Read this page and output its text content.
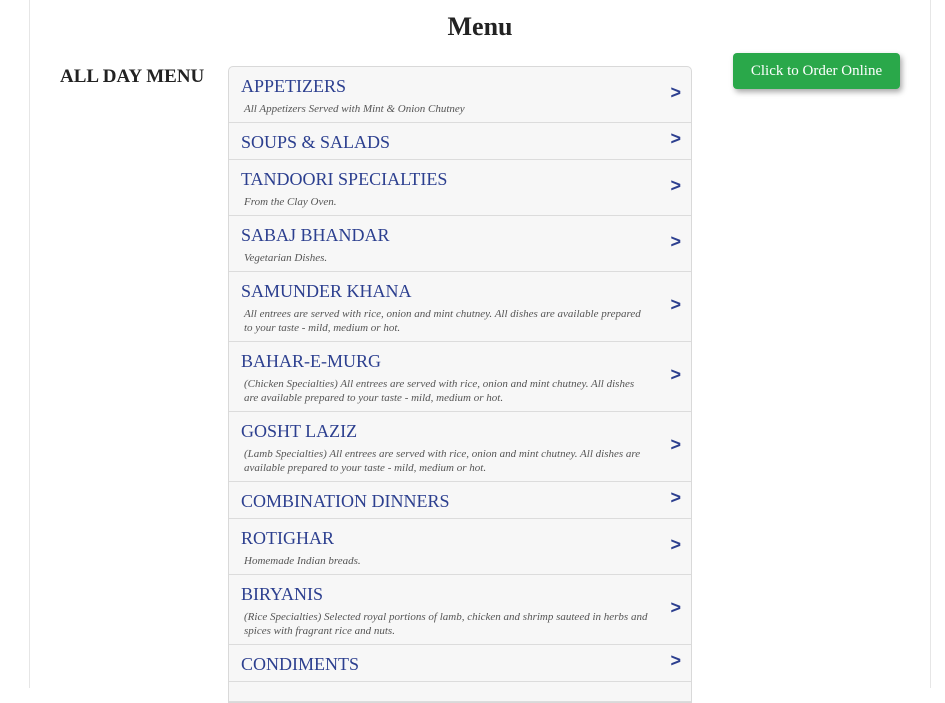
Menu
ALL DAY MENU	Click to Order Online
APPETIZERS
All Appetizers Served with Mint & Onion Chutney
>
SOUPS & SALADS	>
TANDOORI SPECIALTIES
From the Clay Oven.
>
SABAJ BHANDAR
Vegetarian Dishes.
>
SAMUNDER KHANA
All entrees are served with rice, onion and mint chutney. All dishes are available prepared to your taste - mild, medium or hot.
>
BAHAR-E-MURG
(Chicken Specialties) All entrees are served with rice, onion and mint chutney. All dishes are available prepared to your taste - mild, medium or hot.
>
GOSHT LAZIZ
(Lamb Specialties) All entrees are served with rice, onion and mint chutney. All dishes are available prepared to your taste - mild, medium or hot.
>
COMBINATION DINNERS	>
ROTIGHAR
Homemade Indian breads.
>
BIRYANIS
(Rice Specialties) Selected royal portions of lamb, chicken and shrimp sauteed in herbs and spices with fragrant rice and nuts.
>
CONDIMENTS	>
